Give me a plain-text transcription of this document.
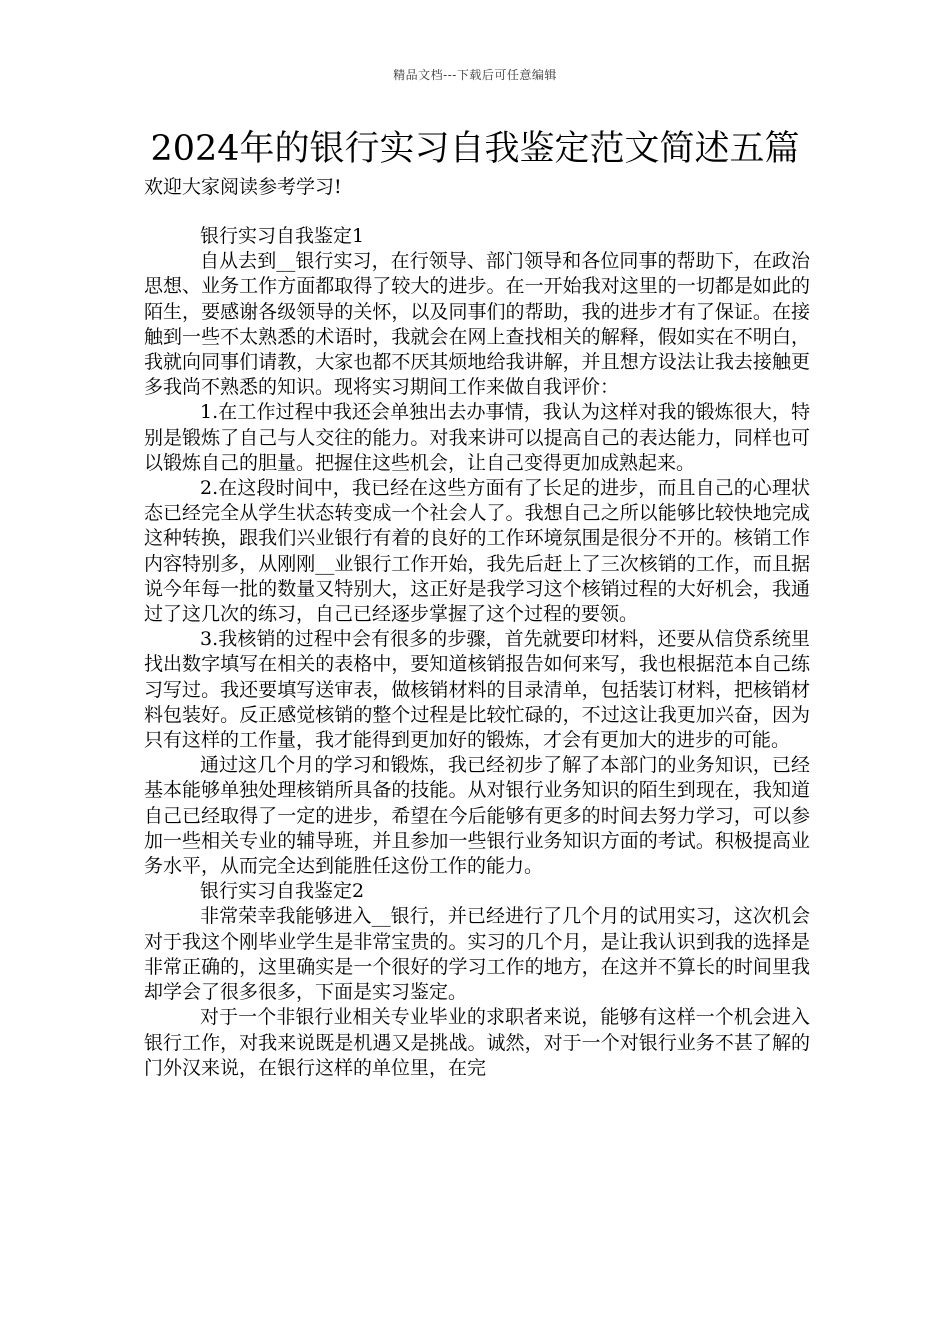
精品文档---下载后可任意编辑
2024年的银行实习自我鉴定范文简述五篇

欢迎大家阅读参考学习!

银行实习自我鉴定1

自从去到__银行实习，在行领导、部门领导和各位同事的帮助下，在政治思想、业务工作方面都取得了较大的进步。在一开始我对这里的一切都是如此的陌生，要感谢各级领导的关怀，以及同事们的帮助，我的进步才有了保证。在接触到一些不太熟悉的术语时，我就会在网上查找相关的解释，假如实在不明白，我就向同事们请教，大家也都不厌其烦地给我讲解，并且想方设法让我去接触更多我尚不熟悉的知识。现将实习期间工作来做自我评价：

1.在工作过程中我还会单独出去办事情，我认为这样对我的锻炼很大，特别是锻炼了自己与人交往的能力。对我来讲可以提高自己的表达能力，同样也可以锻炼自己的胆量。把握住这些机会，让自己变得更加成熟起来。

2.在这段时间中，我已经在这些方面有了长足的进步，而且自己的心理状态已经完全从学生状态转变成一个社会人了。我想自己之所以能够比较快地完成这种转换，跟我们兴业银行有着的良好的工作环境氛围是很分不开的。核销工作内容特别多，从刚刚__业银行工作开始，我先后赶上了三次核销的工作，而且据说今年每一批的数量又特别大，这正好是我学习这个核销过程的大好机会，我通过了这几次的练习，自己已经逐步掌握了这个过程的要领。

3.我核销的过程中会有很多的步骤，首先就要印材料，还要从信贷系统里找出数字填写在相关的表格中，要知道核销报告如何来写，我也根据范本自己练习写过。我还要填写送审表，做核销材料的目录清单，包括装订材料，把核销材料包装好。反正感觉核销的整个过程是比较忙碌的，不过这让我更加兴奋，因为只有这样的工作量，我才能得到更加好的锻炼，才会有更加大的进步的可能。

通过这几个月的学习和锻炼，我已经初步了解了本部门的业务知识，已经基本能够单独处理核销所具备的技能。从对银行业务知识的陌生到现在，我知道自己已经取得了一定的进步，希望在今后能够有更多的时间去努力学习，可以参加一些相关专业的辅导班，并且参加一些银行业务知识方面的考试。积极提高业务水平，从而完全达到能胜任这份工作的能力。

银行实习自我鉴定2

非常荣幸我能够进入__银行，并已经进行了几个月的试用实习，这次机会对于我这个刚毕业学生是非常宝贵的。实习的几个月，是让我认识到我的选择是非常正确的，这里确实是一个很好的学习工作的地方，在这并不算长的时间里我却学会了很多很多，下面是实习鉴定。

对于一个非银行业相关专业毕业的求职者来说，能够有这样一个机会进入银行工作，对我来说既是机遇又是挑战。诚然，对于一个对银行业务不甚了解的门外汉来说，在银行这样的单位里，在完
